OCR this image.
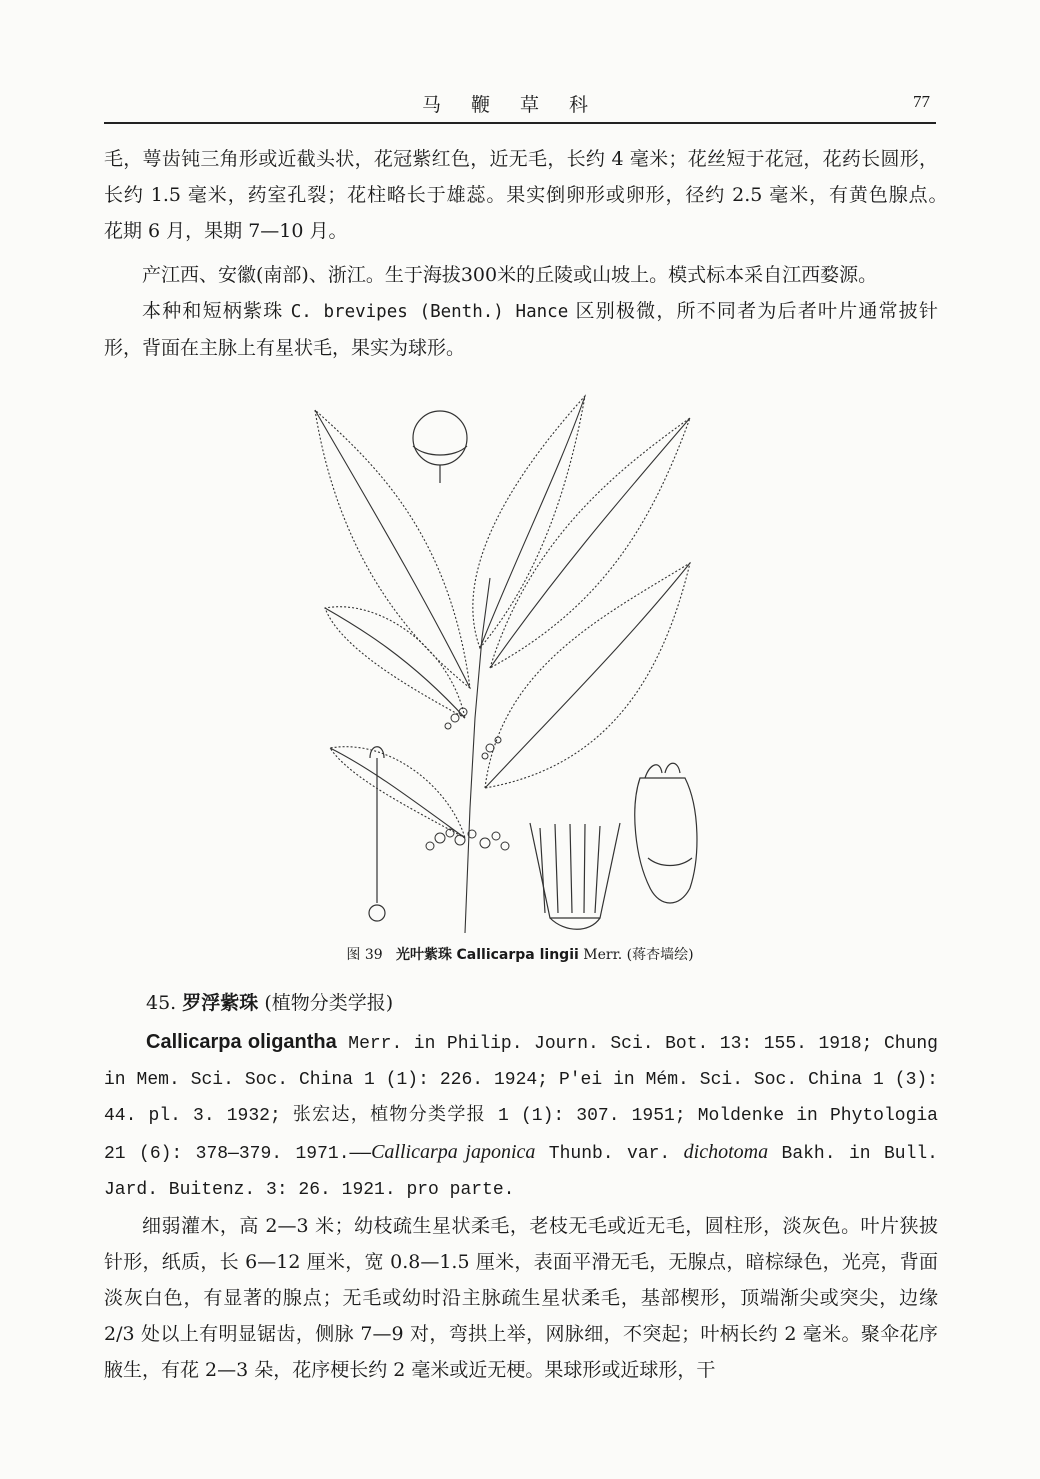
马鞭草科	77

毛，萼齿钝三角形或近截头状，花冠紫红色，近无毛，长约 4 毫米；花丝短于花冠，花药长圆形，长约 1.5 毫米，药室孔裂；花柱略长于雄蕊。果实倒卵形或卵形，径约 2.5 毫米，有黄色腺点。　花期 6 月，果期 7—10 月。

产江西、安徽(南部)、浙江。生于海拔300米的丘陵或山坡上。模式标本采自江西婺源。

本种和短柄紫珠 C. brevipes (Benth.) Hance 区别极微，所不同者为后者叶片通常披针形，背面在主脉上有星状毛，果实为球形。

图 39 光叶紫珠 Callicarpa lingii Merr. (蒋杏墙绘)
45. 罗浮紫珠 (植物分类学报)
Callicarpa oligantha Merr. in Philip. Journ. Sci. Bot. 13: 155. 1918; Chung in Mem. Sci. Soc. China 1 (1): 226. 1924; P'ei in Mém. Sci. Soc. China 1 (3): 44. pl. 3. 1932; 张宏达，植物分类学报 1 (1): 307. 1951; Moldenke in Phytologia 21 (6): 378—379. 1971.——Callicarpa japonica Thunb. var. dichotoma Bakh. in Bull. Jard. Buitenz. 3: 26. 1921. pro parte.

细弱灌木，高 2—3 米；幼枝疏生星状柔毛，老枝无毛或近无毛，圆柱形，淡灰色。叶片狭披针形，纸质，长 6—12 厘米，宽 0.8—1.5 厘米，表面平滑无毛，无腺点，暗棕绿色，光亮，背面淡灰白色，有显著的腺点；无毛或幼时沿主脉疏生星状柔毛，基部楔形，顶端渐尖或突尖，边缘 2/3 处以上有明显锯齿，侧脉 7—9 对，弯拱上举，网脉细，不突起；叶柄长约 2 毫米。聚伞花序腋生，有花 2—3 朵，花序梗长约 2 毫米或近无梗。果球形或近球形，干
